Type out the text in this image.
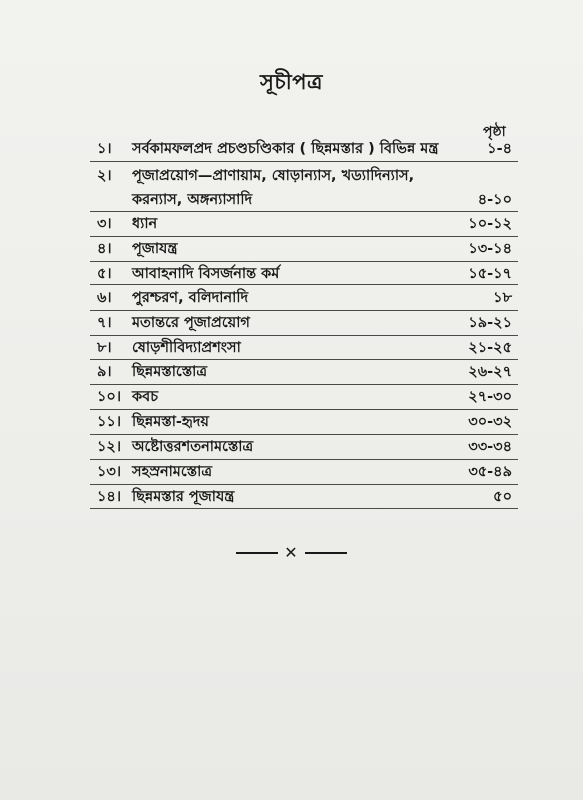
সূচীপত্র
পৃষ্ঠা
১।	সর্বকামফলপ্রদ প্রচণ্ডচণ্ডিকার ( ছিন্নমস্তার ) বিভিন্ন মন্ত্র	১-৪
২।	পূজাপ্রয়োগ—প্রাণায়াম, ষোড়ান্যাস, খড্যাদিন্যাস,
করন্যাস, অঙ্গন্যাসাদি	৪-১০
৩।	ধ্যান	১০-১২
৪।	পূজাযন্ত্র	১৩-১৪
৫।	আবাহনাদি বিসর্জনান্ত কর্ম	১৫-১৭
৬।	পুরশ্চরণ, বলিদানাদি	১৮
৭।	মতান্তরে পূজাপ্রয়োগ	১৯-২১
৮।	ষোড়শীবিদ্যাপ্রশংসা	২১-২৫
৯।	ছিন্নমস্তাস্তোত্র	২৬-২৭
১০। কবচ	২৭-৩০
১১। ছিন্নমস্তা-হৃদয়	৩০-৩২
১২। অষ্টোত্তরশতনামস্তোত্র	৩৩-৩৪
১৩। সহস্রনামস্তোত্র	৩৫-৪৯
১৪। ছিন্নমস্তার পূজাযন্ত্র	৫০
✕
